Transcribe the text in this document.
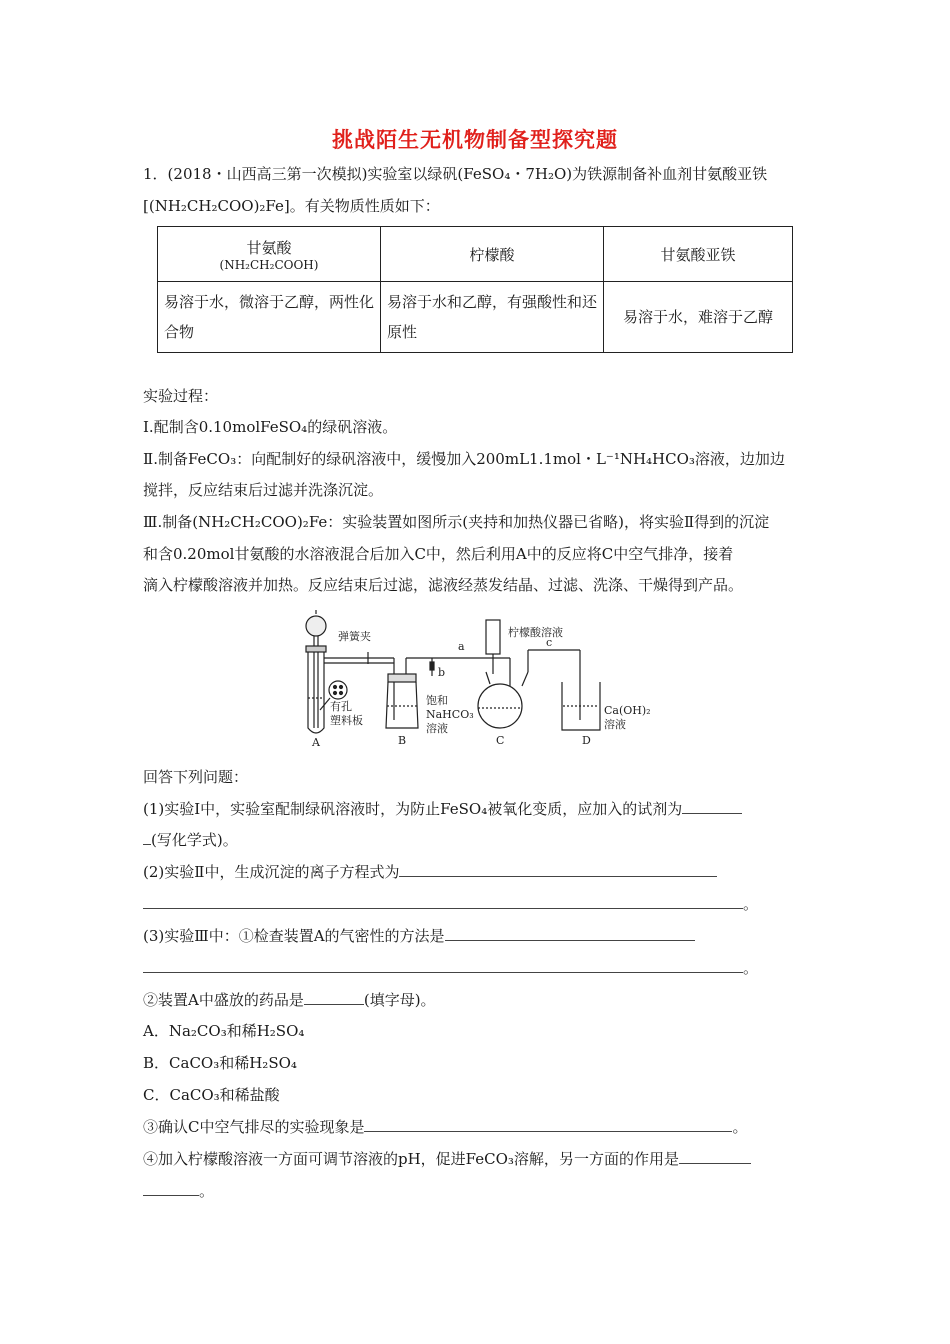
挑战陌生无机物制备型探究题
1．(2018・山西高三第一次模拟)实验室以绿矾(FeSO₄・7H₂O)为铁源制备补血剂甘氨酸亚铁
[(NH₂CH₂COO)₂Fe]。有关物质性质如下：
甘氨酸
(NH₂CH₂COOH)	柠檬酸	甘氨酸亚铁
易溶于水，微溶于乙醇，两性化合物	易溶于水和乙醇，有强酸性和还原性	易溶于水，难溶于乙醇
实验过程：
Ⅰ.配制含0.10molFeSO₄的绿矾溶液。
Ⅱ.制备FeCO₃：向配制好的绿矾溶液中，缓慢加入200mL1.1mol・L⁻¹NH₄HCO₃溶液，边加边
搅拌，反应结束后过滤并洗涤沉淀。
Ⅲ.制备(NH₂CH₂COO)₂Fe：实验装置如图所示(夹持和加热仪器已省略)，将实验Ⅱ得到的沉淀
和含0.20mol甘氨酸的水溶液混合后加入C中，然后利用A中的反应将C中空气排净，接着
滴入柠檬酸溶液并加热。反应结束后过滤，滤液经蒸发结晶、过滤、洗涤、干燥得到产品。
弹簧夹
有孔
塑料板
A	B
b
a
饱和
NaHCO₃
溶液
柠檬酸溶液
C
c
D
Ca(OH)₂
溶液
回答下列问题：
(1)实验Ⅰ中，实验室配制绿矾溶液时，为防止FeSO₄被氧化变质，应加入的试剂为
(写化学式)。
(2)实验Ⅱ中，生成沉淀的离子方程式为
。
(3)实验Ⅲ中：①检查装置A的气密性的方法是
。
②装置A中盛放的药品是	(填字母)。
A．Na₂CO₃和稀H₂SO₄
B．CaCO₃和稀H₂SO₄
C．CaCO₃和稀盐酸
③确认C中空气排尽的实验现象是	。
④加入柠檬酸溶液一方面可调节溶液的pH，促进FeCO₃溶解，另一方面的作用是
。
